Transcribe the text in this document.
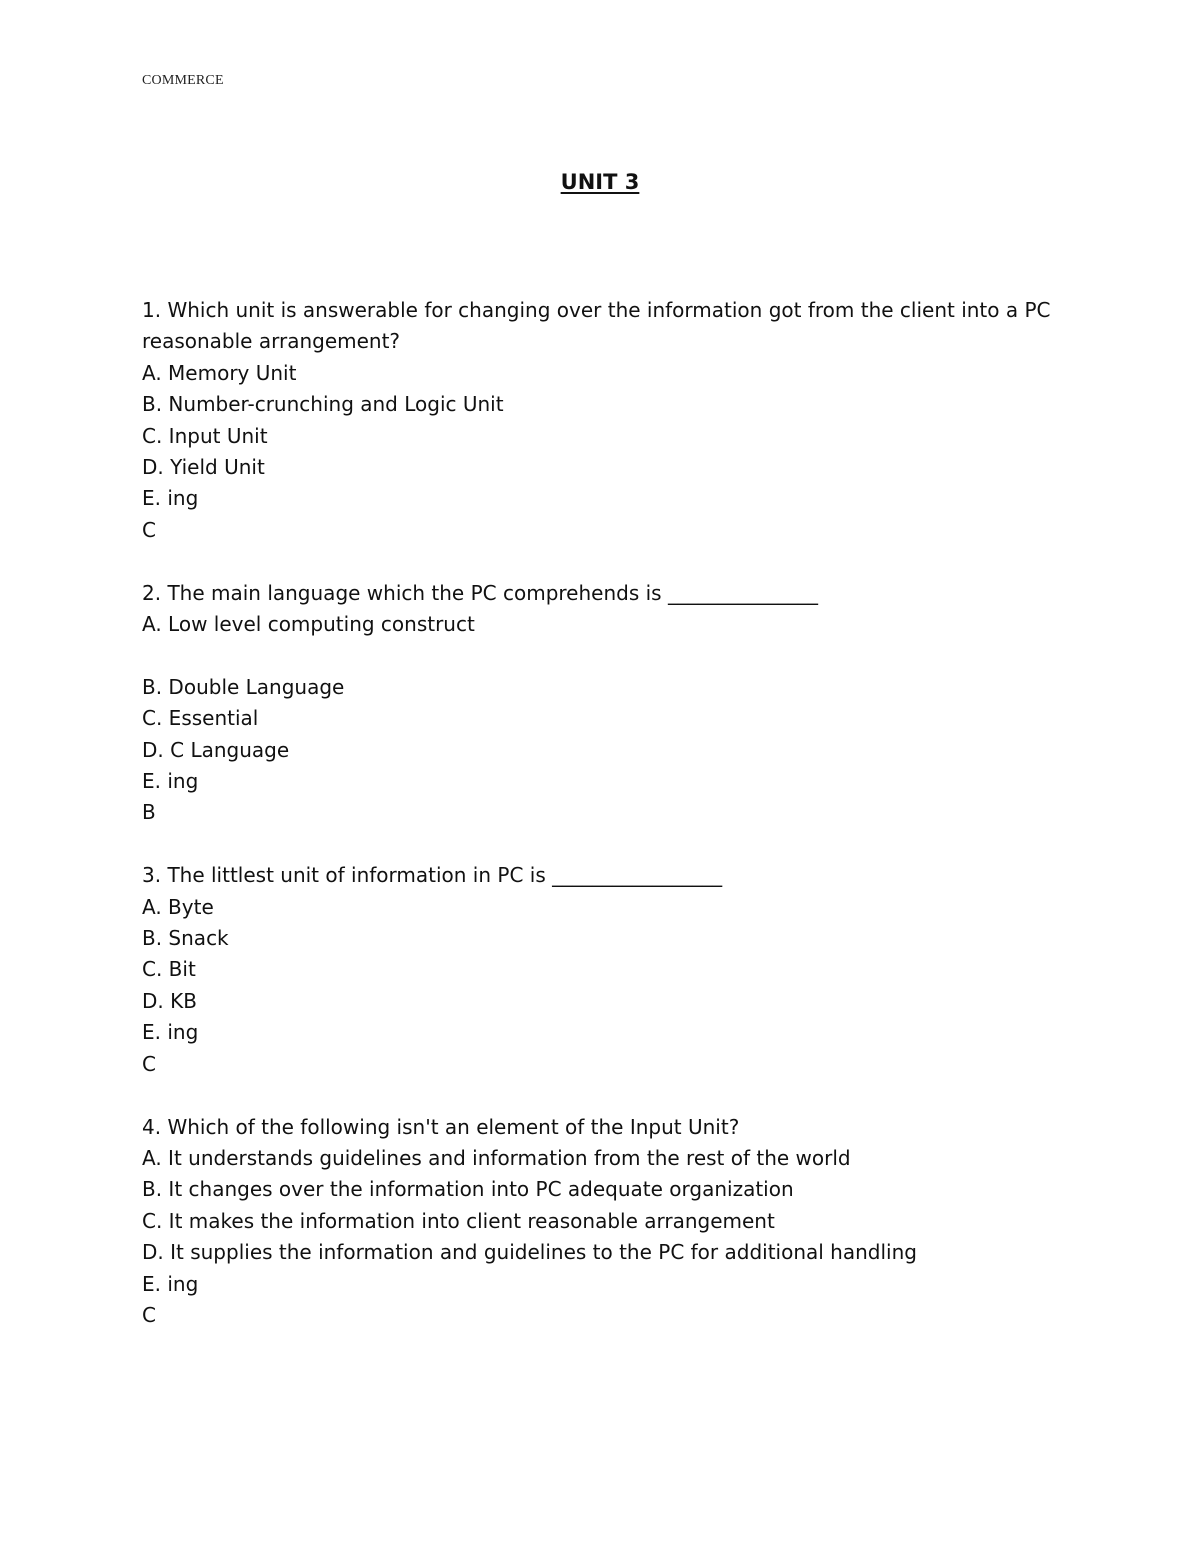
COMMERCE
UNIT 3
1. Which unit is answerable for changing over the information got from the client into a PC reasonable arrangement?
A. Memory Unit
B. Number-crunching and Logic Unit
C. Input Unit
D. Yield Unit
E. ing
C
2. The main language which the PC comprehends is _______________
A. Low level computing construct
B. Double Language
C. Essential
D. C Language
E. ing
B
3. The littlest unit of information in PC is _________________
A. Byte
B. Snack
C. Bit
D. KB
E. ing
C
4. Which of the following isn't an element of the Input Unit?
A. It understands guidelines and information from the rest of the world
B. It changes over the information into PC adequate organization
C. It makes the information into client reasonable arrangement
D. It supplies the information and guidelines to the PC for additional handling
E. ing
C
